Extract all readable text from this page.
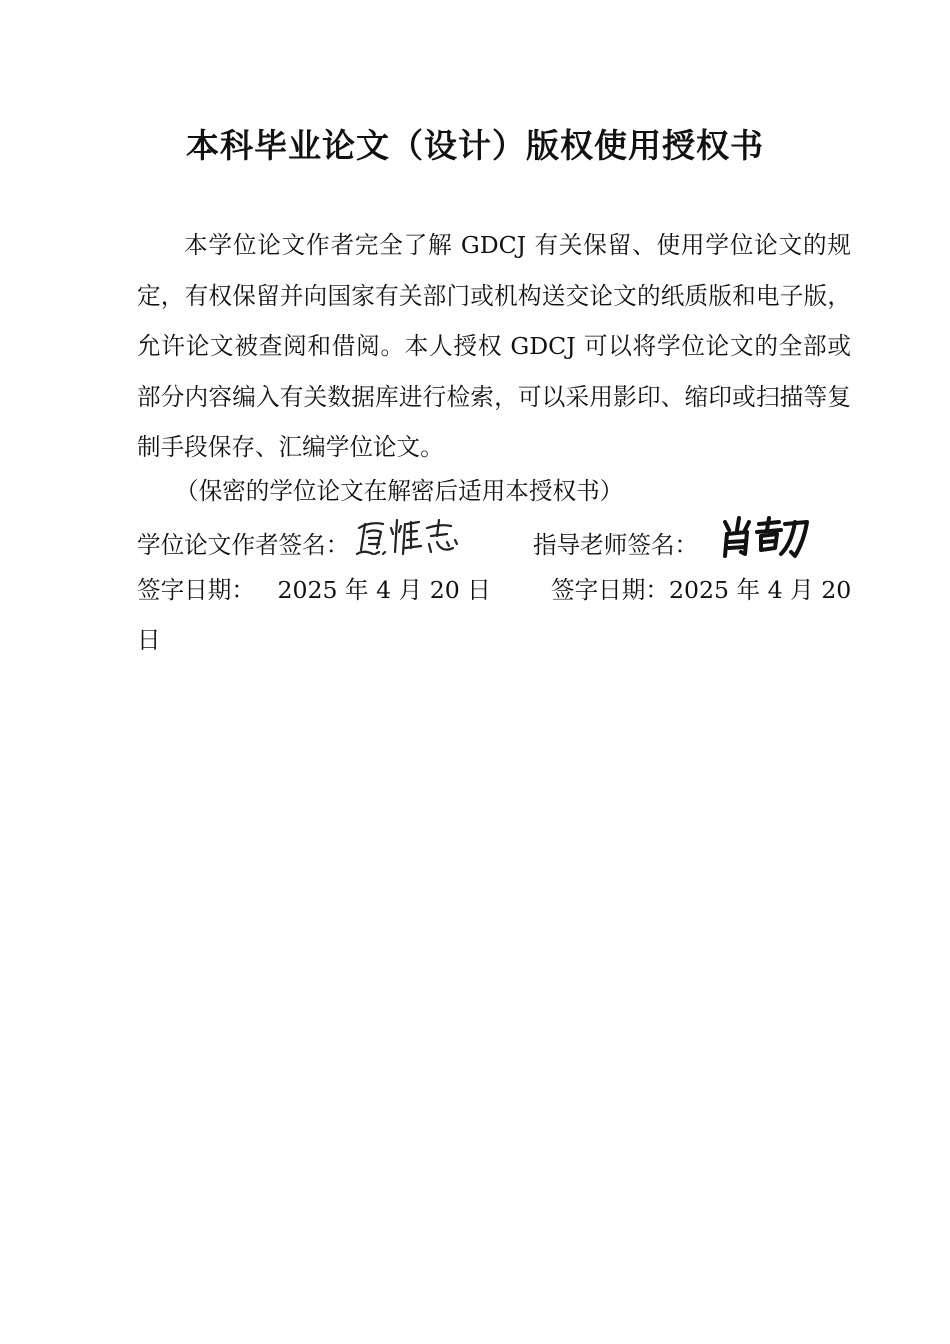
本科毕业论文（设计）版权使用授权书

本学位论文作者完全了解 GDCJ 有关保留、使用学位论文的规定，有权保留并向国家有关部门或机构送交论文的纸质版和电子版，允许论文被查阅和借阅。本人授权 GDCJ 可以将学位论文的全部或部分内容编入有关数据库进行检索，可以采用影印、缩印或扫描等复制手段保存、汇编学位论文。

（保密的学位论文在解密后适用本授权书）

学位论文作者签名：	指导老师签名：
签字日期： 2025 年 4 月 20 日	签字日期：2025 年 4 月 20
日
